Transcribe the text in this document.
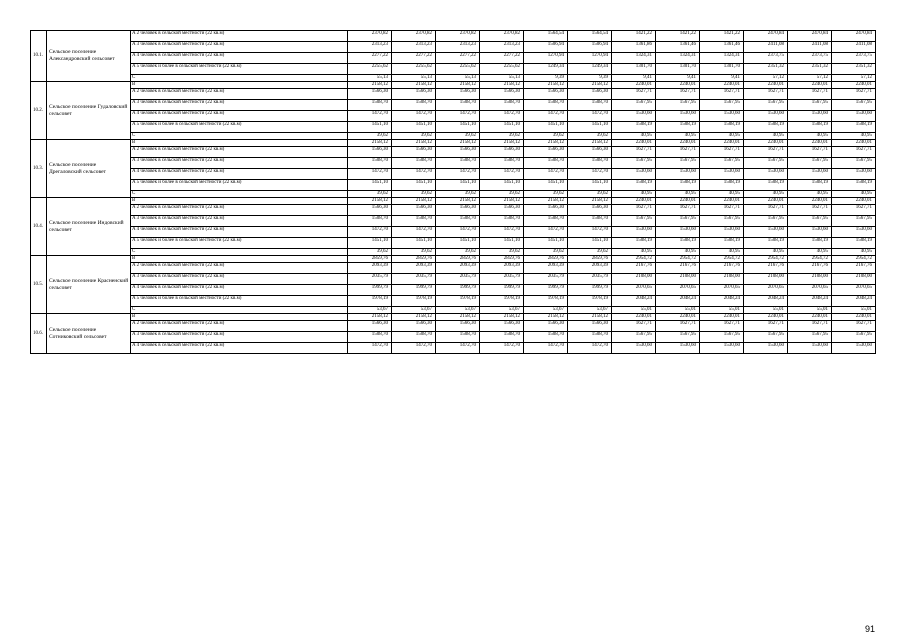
10.1.	Сельское поселение Александровский сельсовет	A 2 человек в сельской местности (22 кв.м)	2370,82	2370,82	2370,82	2370,82	1564,54	1564,54	1421,22	1421,22	1421,22	2470,84	2470,84	2470,84
		A 3 человек в сельской местности (22 кв.м)	2313,23	2313,23	2313,23	2313,23	1506,94	1506,94	1361,86	1361,46	1361,46	2411,08	2411,08	2411,08
		A 4 человек в сельской местности (22 кв.м)	2277,22	2277,22	2277,22	2277,22	1270,94	1270,94	1324,31	1324,31	1324,31	2373,75	2373,75	2373,75
		A 5 человек и более в сельской местности (22 кв.м)	2255,62	2255,62	2255,62	2255,62	1249,34	1249,34	1301,70	1301,70	1301,70	2351,32	2351,32	2351,32
		C	55,13	55,13	55,13	55,13	9,39	9,39	9,41	9,41	9,41	57,12	57,12	57,12
10.2.	Сельское поселение Гудаловский сельсовет	B	2158,12	2158,12	2158,12	2158,12	2158,12	2158,12	2240,01	2240,01	2240,01	2240,01	2240,01	2240,01
		A 2 человек в сельской местности (22 кв.м)	1566,30	1566,30	1566,30	1566,30	1566,30	1566,30	1627,71	1627,71	1627,71	1627,71	1627,71	1627,71
		A 3 человек в сельской местности (22 кв.м)	1508,70	1508,70	1508,70	1508,70	1508,70	1508,70	1567,95	1567,95	1567,95	1567,95	1567,95	1567,95
		A 4 человек в сельской местности (22 кв.м)	1472,70	1472,70	1472,70	1472,70	1472,70	1472,70	1530,60	1530,60	1530,60	1530,60	1530,60	1530,60
		A 5 человек и более в сельской местности (22 кв.м)	1451,10	1451,10	1451,10	1451,10	1451,10	1451,10	1508,19	1508,19	1508,19	1508,19	1508,19	1508,19
		C	39,62	39,62	39,62	39,62	39,62	39,62	40,95	40,95	40,95	40,95	40,95	40,95
10.3.	Сельское поселение Дрегаловский сельсовет	B	2158,12	2158,12	2158,12	2158,12	2158,12	2158,12	2240,01	2240,01	2240,01	2240,01	2240,01	2240,01
		A 2 человек в сельской местности (22 кв.м)	1566,30	1566,30	1566,30	1566,30	1566,30	1566,30	1627,71	1627,71	1627,71	1627,71	1627,71	1627,71
		A 3 человек в сельской местности (22 кв.м)	1508,70	1508,70	1508,70	1508,70	1508,70	1508,70	1567,95	1567,95	1567,95	1567,95	1567,95	1567,95
		A 4 человек в сельской местности (22 кв.м)	1472,70	1472,70	1472,70	1472,70	1472,70	1472,70	1530,60	1530,60	1530,60	1530,60	1530,60	1530,60
		A 5 человек и более в сельской местности (22 кв.м)	1451,10	1451,10	1451,10	1451,10	1451,10	1451,10	1508,19	1508,19	1508,19	1508,19	1508,19	1508,19
		C	39,62	39,62	39,62	39,62	39,62	39,62	40,95	40,95	40,95	40,95	40,95	40,95
10.4.	Сельское поселение Индовский сельсовет	B	2158,12	2158,12	2158,12	2158,12	2158,12	2158,12	2240,01	2240,01	2240,01	2240,01	2240,01	2240,01
		A 2 человек в сельской местности (22 кв.м)	1566,30	1566,30	1566,30	1566,30	1566,30	1566,30	1627,71	1627,71	1627,71	1627,71	1627,71	1627,71
		A 3 человек в сельской местности (22 кв.м)	1508,70	1508,70	1508,70	1508,70	1508,70	1508,70	1567,95	1567,95	1567,95	1567,95	1567,95	1567,95
		A 4 человек в сельской местности (22 кв.м)	1472,70	1472,70	1472,70	1472,70	1472,70	1472,70	1530,60	1530,60	1530,60	1530,60	1530,60	1530,60
		A 5 человек и более в сельской местности (22 кв.м)	1451,10	1451,10	1451,10	1451,10	1451,10	1451,10	1508,19	1508,19	1508,19	1508,19	1508,19	1508,19
		C	39,62	39,62	39,62	39,62	39,62	39,62	40,95	40,95	40,95	40,95	40,95	40,95
10.5.	Сельское поселение Красненский сельсовет	B	2859,76	2859,76	2859,76	2859,76	2859,76	2859,76	2954,72	2954,72	2954,72	2954,72	2954,72	2954,72
		A 2 человек в сельской местности (22 кв.м)	2093,39	2093,39	2093,39	2093,39	2093,39	2093,39	2167,76	2167,76	2167,76	2167,76	2167,76	2167,76
		A 3 человек в сельской местности (22 кв.м)	2035,79	2035,79	2035,79	2035,79	2035,79	2035,79	2108,00	2108,00	2108,00	2108,00	2108,00	2108,00
		A 4 человек в сельской местности (22 кв.м)	1999,79	1999,79	1999,79	1999,79	1999,79	1999,79	2070,65	2070,65	2070,65	2070,65	2070,65	2070,65
		A 5 человек и более в сельской местности (22 кв.м)	1978,19	1978,19	1978,19	1978,19	1978,19	1978,19	2048,24	2048,24	2048,24	2048,24	2048,24	2048,24
		C	53,67	53,67	53,67	53,67	53,67	53,67	55,01	55,01	55,01	55,01	55,01	55,01
10.6.	Сельское поселение Сотниковский сельсовет	B	2158,12	2158,12	2158,12	2158,12	2158,12	2158,12	2240,01	2240,01	2240,01	2240,01	2240,01	2240,01
		A 2 человек в сельской местности (22 кв.м)	1566,30	1566,30	1566,30	1566,30	1566,30	1566,30	1627,71	1627,71	1627,71	1627,71	1627,71	1627,71
		A 3 человек в сельской местности (22 кв.м)	1508,70	1508,70	1508,70	1508,70	1508,70	1508,70	1567,95	1567,95	1567,95	1567,95	1567,95	1567,95
		A 4 человек в сельской местности (22 кв.м)	1472,70	1472,70	1472,70	1472,70	1472,70	1472,70	1530,60	1530,60	1530,60	1530,60	1530,60	1530,60
91
